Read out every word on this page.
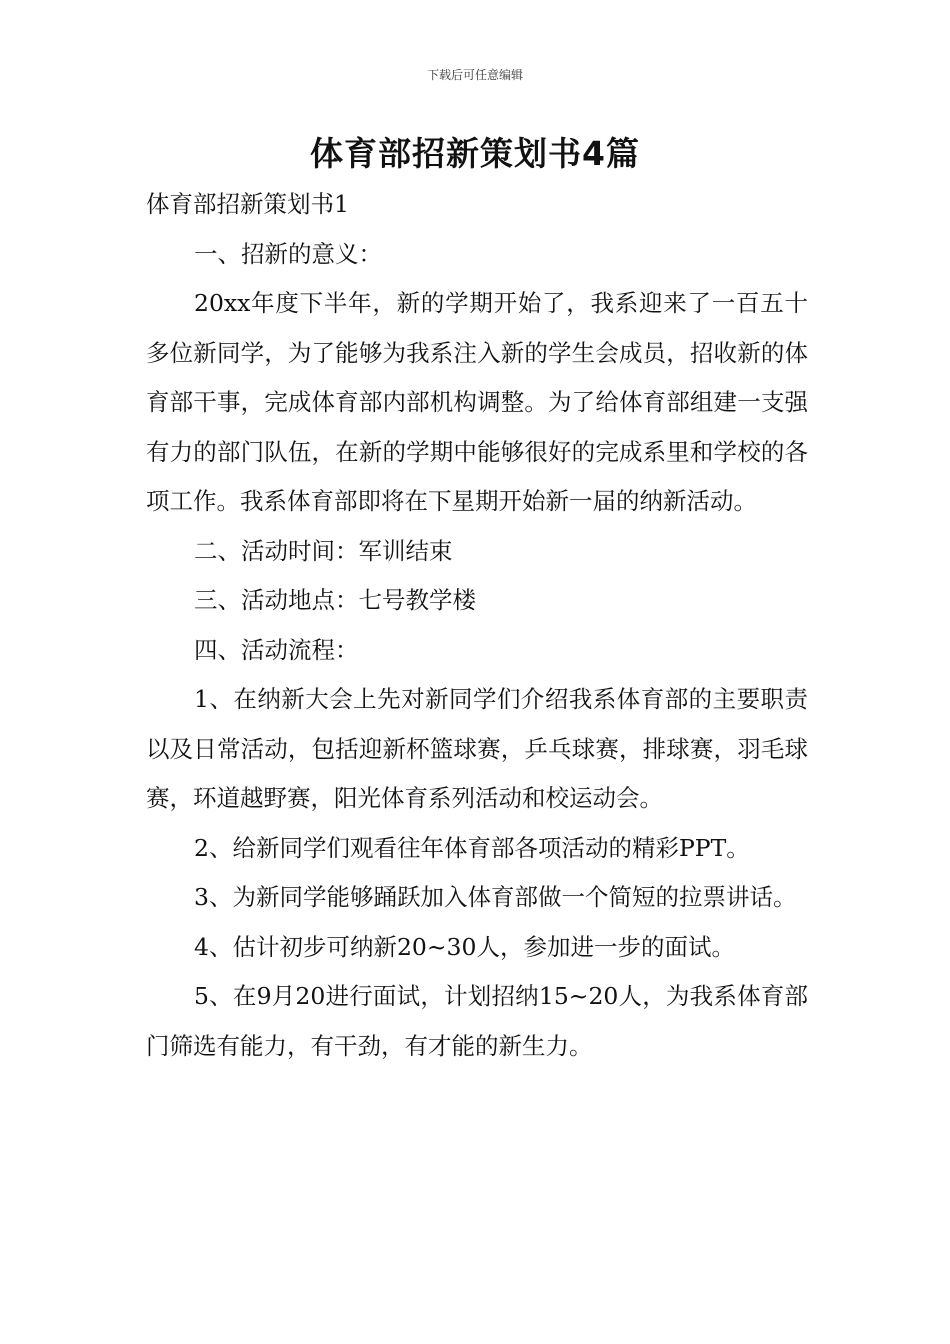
下载后可任意编辑
体育部招新策划书4篇

体育部招新策划书1

一、招新的意义：

20xx年度下半年，新的学期开始了，我系迎来了一百五十多位新同学，为了能够为我系注入新的学生会成员，招收新的体育部干事，完成体育部内部机构调整。为了给体育部组建一支强有力的部门队伍，在新的学期中能够很好的完成系里和学校的各项工作。我系体育部即将在下星期开始新一届的纳新活动。

二、活动时间：军训结束

三、活动地点：七号教学楼

四、活动流程：

1、在纳新大会上先对新同学们介绍我系体育部的主要职责以及日常活动，包括迎新杯篮球赛，乒乓球赛，排球赛，羽毛球赛，环道越野赛，阳光体育系列活动和校运动会。

2、给新同学们观看往年体育部各项活动的精彩PPT。

3、为新同学能够踊跃加入体育部做一个简短的拉票讲话。

4、估计初步可纳新20~30人，参加进一步的面试。

5、在9月20进行面试，计划招纳15~20人，为我系体育部门筛选有能力，有干劲，有才能的新生力。
